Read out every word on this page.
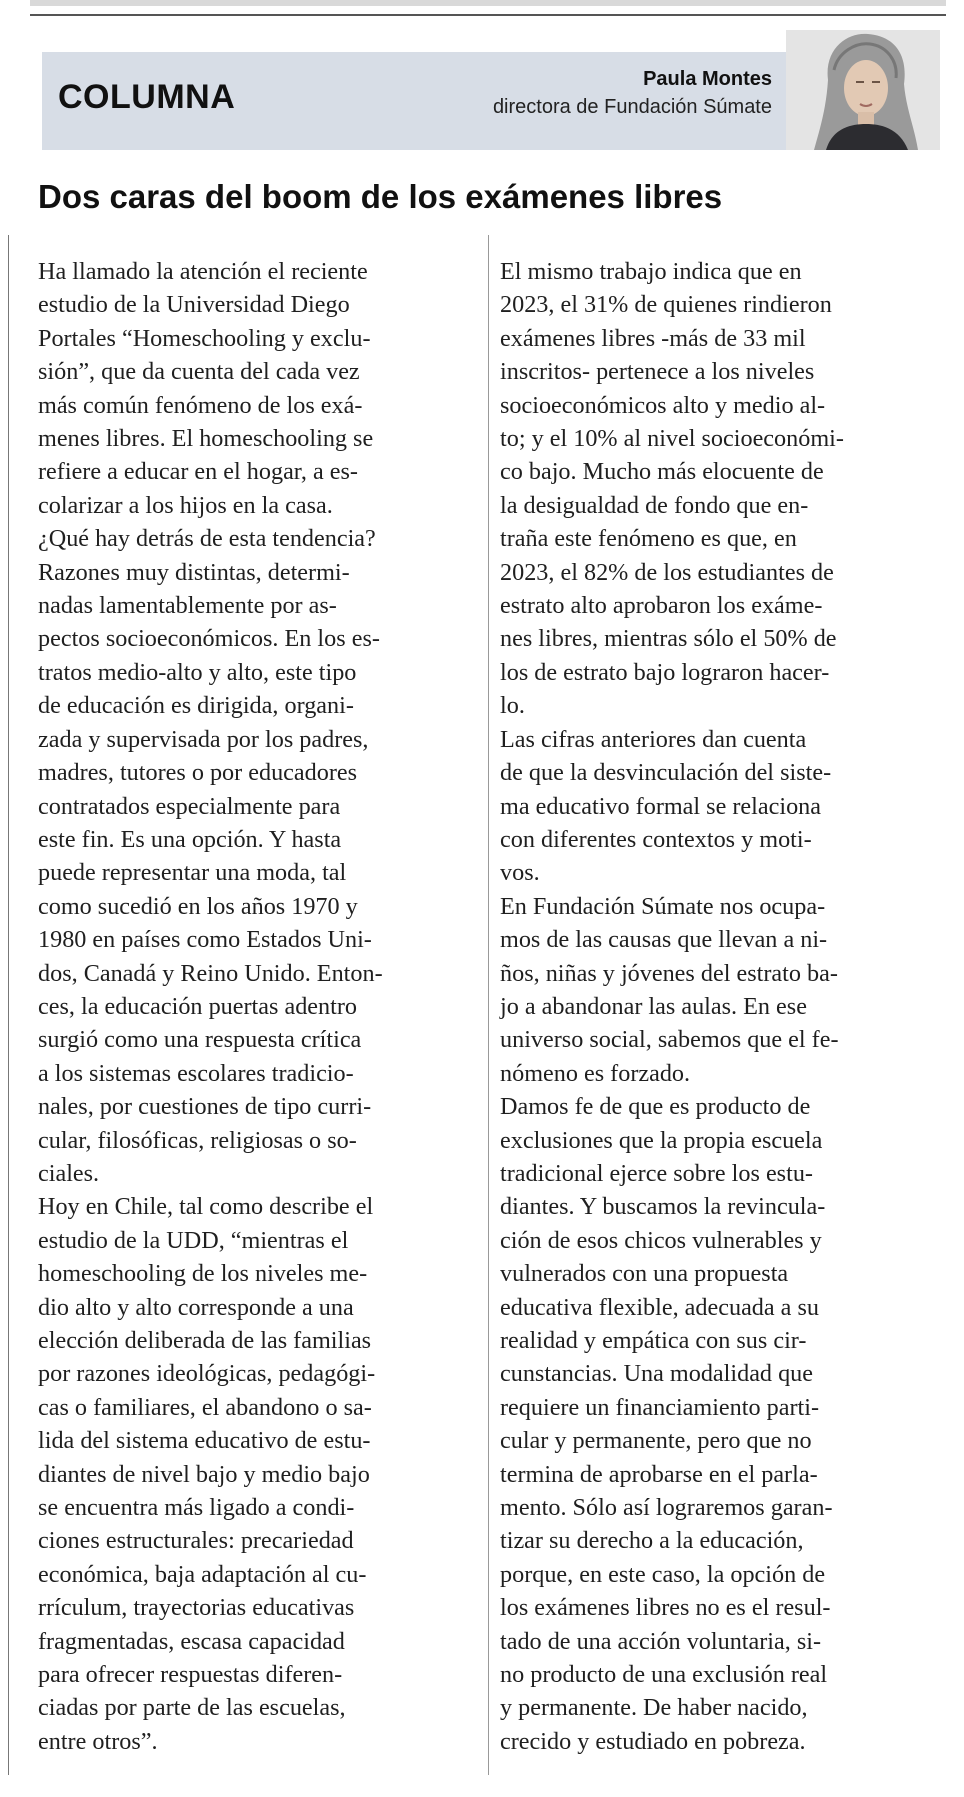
COLUMNA	Paula Montes
directora de Fundación Súmate
Dos caras del boom de los exámenes libres
Ha llamado la atención el reciente
estudio de la Universidad Diego
Portales “Homeschooling y exclu-
sión”, que da cuenta del cada vez
más común fenómeno de los exá-
menes libres. El homeschooling se
refiere a educar en el hogar, a es-
colarizar a los hijos en la casa.
¿Qué hay detrás de esta tendencia?
Razones muy distintas, determi-
nadas lamentablemente por as-
pectos socioeconómicos. En los es-
tratos medio-alto y alto, este tipo
de educación es dirigida, organi-
zada y supervisada por los padres,
madres, tutores o por educadores
contratados especialmente para
este fin. Es una opción. Y hasta
puede representar una moda, tal
como sucedió en los años 1970 y
1980 en países como Estados Uni-
dos, Canadá y Reino Unido. Enton-
ces, la educación puertas adentro
surgió como una respuesta crítica
a los sistemas escolares tradicio-
nales, por cuestiones de tipo curri-
cular, filosóficas, religiosas o so-
ciales.
Hoy en Chile, tal como describe el
estudio de la UDD, “mientras el
homeschooling de los niveles me-
dio alto y alto corresponde a una
elección deliberada de las familias
por razones ideológicas, pedagógi-
cas o familiares, el abandono o sa-
lida del sistema educativo de estu-
diantes de nivel bajo y medio bajo
se encuentra más ligado a condi-
ciones estructurales: precariedad
económica, baja adaptación al cu-
rrículum, trayectorias educativas
fragmentadas, escasa capacidad
para ofrecer respuestas diferen-
ciadas por parte de las escuelas,
entre otros”.
El mismo trabajo indica que en
2023, el 31% de quienes rindieron
exámenes libres -más de 33 mil
inscritos- pertenece a los niveles
socioeconómicos alto y medio al-
to; y el 10% al nivel socioeconómi-
co bajo. Mucho más elocuente de
la desigualdad de fondo que en-
traña este fenómeno es que, en
2023, el 82% de los estudiantes de
estrato alto aprobaron los exáme-
nes libres, mientras sólo el 50% de
los de estrato bajo lograron hacer-
lo.
Las cifras anteriores dan cuenta
de que la desvinculación del siste-
ma educativo formal se relaciona
con diferentes contextos y moti-
vos.
En Fundación Súmate nos ocupa-
mos de las causas que llevan a ni-
ños, niñas y jóvenes del estrato ba-
jo a abandonar las aulas. En ese
universo social, sabemos que el fe-
nómeno es forzado.
Damos fe de que es producto de
exclusiones que la propia escuela
tradicional ejerce sobre los estu-
diantes. Y buscamos la revincula-
ción de esos chicos vulnerables y
vulnerados con una propuesta
educativa flexible, adecuada a su
realidad y empática con sus cir-
cunstancias. Una modalidad que
requiere un financiamiento parti-
cular y permanente, pero que no
termina de aprobarse en el parla-
mento. Sólo así lograremos garan-
tizar su derecho a la educación,
porque, en este caso, la opción de
los exámenes libres no es el resul-
tado de una acción voluntaria, si-
no producto de una exclusión real
y permanente. De haber nacido,
crecido y estudiado en pobreza.
